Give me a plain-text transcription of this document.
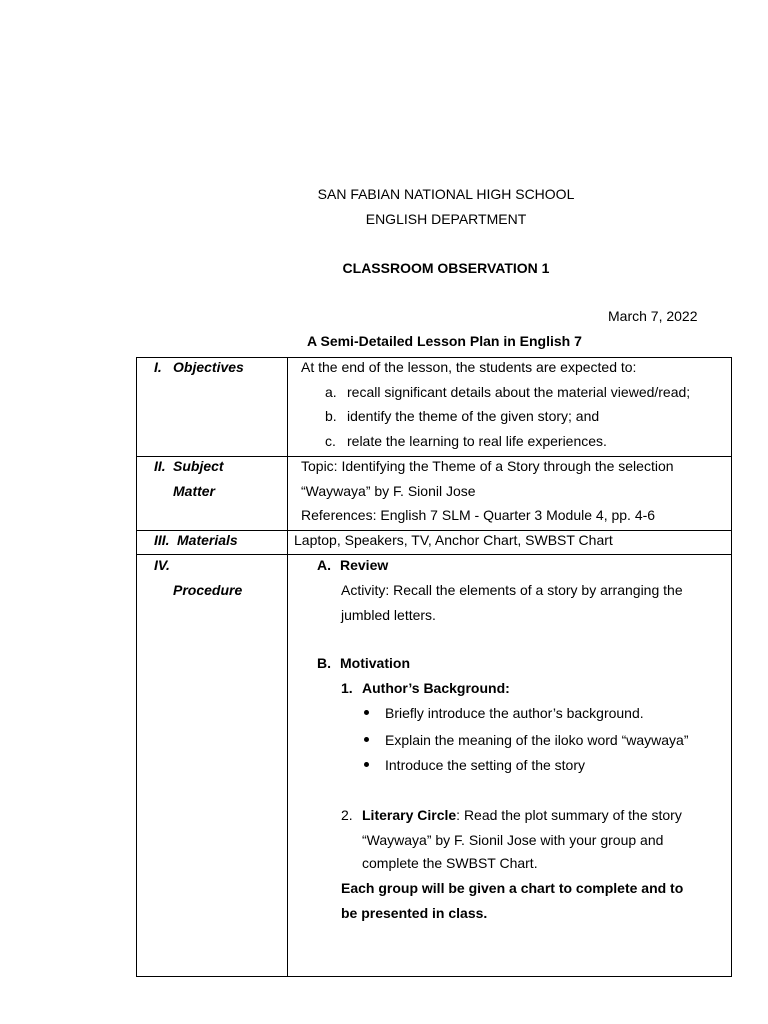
SAN FABIAN NATIONAL HIGH SCHOOL
ENGLISH DEPARTMENT
CLASSROOM OBSERVATION 1
March 7, 2022
A Semi-Detailed Lesson Plan in English 7
I. Objectives	At the end of the lesson, the students are expected to:
a. recall significant details about the material viewed/read;
b. identify the theme of the given story; and
c. relate the learning to real life experiences.
II. Subject
Matter
Topic: Identifying the Theme of a Story through the selection
“Waywaya” by F. Sionil Jose
References: English 7 SLM - Quarter 3 Module 4, pp. 4-6
III. Materials	Laptop, Speakers, TV, Anchor Chart, SWBST Chart
IV.
Procedure
A. Review
Activity: Recall the elements of a story by arranging the
jumbled letters.
B. Motivation
1. Author’s Background:
Briefly introduce the author’s background.
Explain the meaning of the iloko word “waywaya”
Introduce the setting of the story
2. Literary Circle: Read the plot summary of the story
“Waywaya” by F. Sionil Jose with your group and
complete the SWBST Chart.
Each group will be given a chart to complete and to
be presented in class.
